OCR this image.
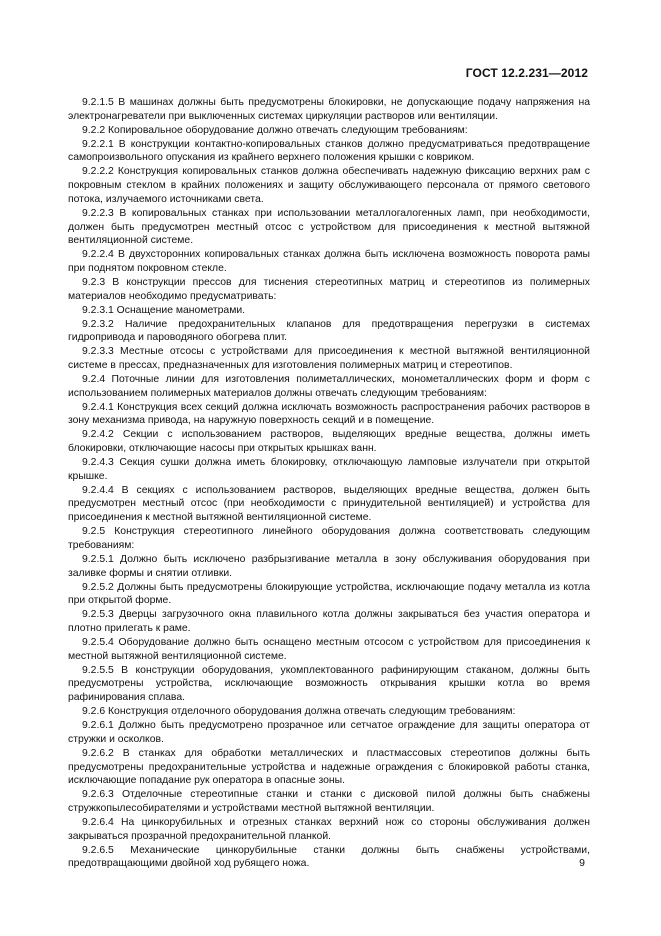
ГОСТ 12.2.231—2012

9.2.1.5 В машинах должны быть предусмотрены блокировки, не допускающие подачу напряжения на электронагреватели при выключенных системах циркуляции растворов или вентиляции.

9.2.2 Копировальное оборудование должно отвечать следующим требованиям:

9.2.2.1 В конструкции контактно-копировальных станков должно предусматриваться предотвращение самопроизвольного опускания из крайнего верхнего положения крышки с ковриком.

9.2.2.2 Конструкция копировальных станков должна обеспечивать надежную фиксацию верхних рам с покровным стеклом в крайних положениях и защиту обслуживающего персонала от прямого светового потока, излучаемого источниками света.

9.2.2.3 В копировальных станках при использовании металлогалогенных ламп, при необходимости, должен быть предусмотрен местный отсос с устройством для присоединения к местной вытяжной вентиляционной системе.

9.2.2.4 В двухсторонних копировальных станках должна быть исключена возможность поворота рамы при поднятом покровном стекле.

9.2.3 В конструкции прессов для тиснения стереотипных матриц и стереотипов из полимерных материалов необходимо предусматривать:

9.2.3.1 Оснащение манометрами.

9.2.3.2 Наличие предохранительных клапанов для предотвращения перегрузки в системах гидропривода и пароводяного обогрева плит.

9.2.3.3 Местные отсосы с устройствами для присоединения к местной вытяжной вентиляционной системе в прессах, предназначенных для изготовления полимерных матриц и стереотипов.

9.2.4 Поточные линии для изготовления полиметаллических, монометаллических форм и форм с использованием полимерных материалов должны отвечать следующим требованиям:

9.2.4.1 Конструкция всех секций должна исключать возможность распространения рабочих растворов в зону механизма привода, на наружную поверхность секций и в помещение.

9.2.4.2 Секции с использованием растворов, выделяющих вредные вещества, должны иметь блокировки, отключающие насосы при открытых крышках ванн.

9.2.4.3 Секция сушки должна иметь блокировку, отключающую ламповые излучатели при открытой крышке.

9.2.4.4 В секциях с использованием растворов, выделяющих вредные вещества, должен быть предусмотрен местный отсос (при необходимости с принудительной вентиляцией) и устройства для присоединения к местной вытяжной вентиляционной системе.

9.2.5 Конструкция стереотипного линейного оборудования должна соответствовать следующим требованиям:

9.2.5.1 Должно быть исключено разбрызгивание металла в зону обслуживания оборудования при заливке формы и снятии отливки.

9.2.5.2 Должны быть предусмотрены блокирующие устройства, исключающие подачу металла из котла при открытой форме.

9.2.5.3 Дверцы загрузочного окна плавильного котла должны закрываться без участия оператора и плотно прилегать к раме.

9.2.5.4 Оборудование должно быть оснащено местным отсосом с устройством для присоединения к местной вытяжной вентиляционной системе.

9.2.5.5 В конструкции оборудования, укомплектованного рафинирующим стаканом, должны быть предусмотрены устройства, исключающие возможность открывания крышки котла во время рафинирования сплава.

9.2.6 Конструкция отделочного оборудования должна отвечать следующим требованиям:

9.2.6.1 Должно быть предусмотрено прозрачное или сетчатое ограждение для защиты оператора от стружки и осколков.

9.2.6.2 В станках для обработки металлических и пластмассовых стереотипов должны быть предусмотрены предохранительные устройства и надежные ограждения с блокировкой работы станка, исключающие попадание рук оператора в опасные зоны.

9.2.6.3 Отделочные стереотипные станки и станки с дисковой пилой должны быть снабжены стружкопылесобирателями и устройствами местной вытяжной вентиляции.

9.2.6.4 На цинкорубильных и отрезных станках верхний нож со стороны обслуживания должен закрываться прозрачной предохранительной планкой.

9.2.6.5 Механические цинкорубильные станки должны быть снабжены устройствами, предотвращающими двойной ход рубящего ножа.	9
